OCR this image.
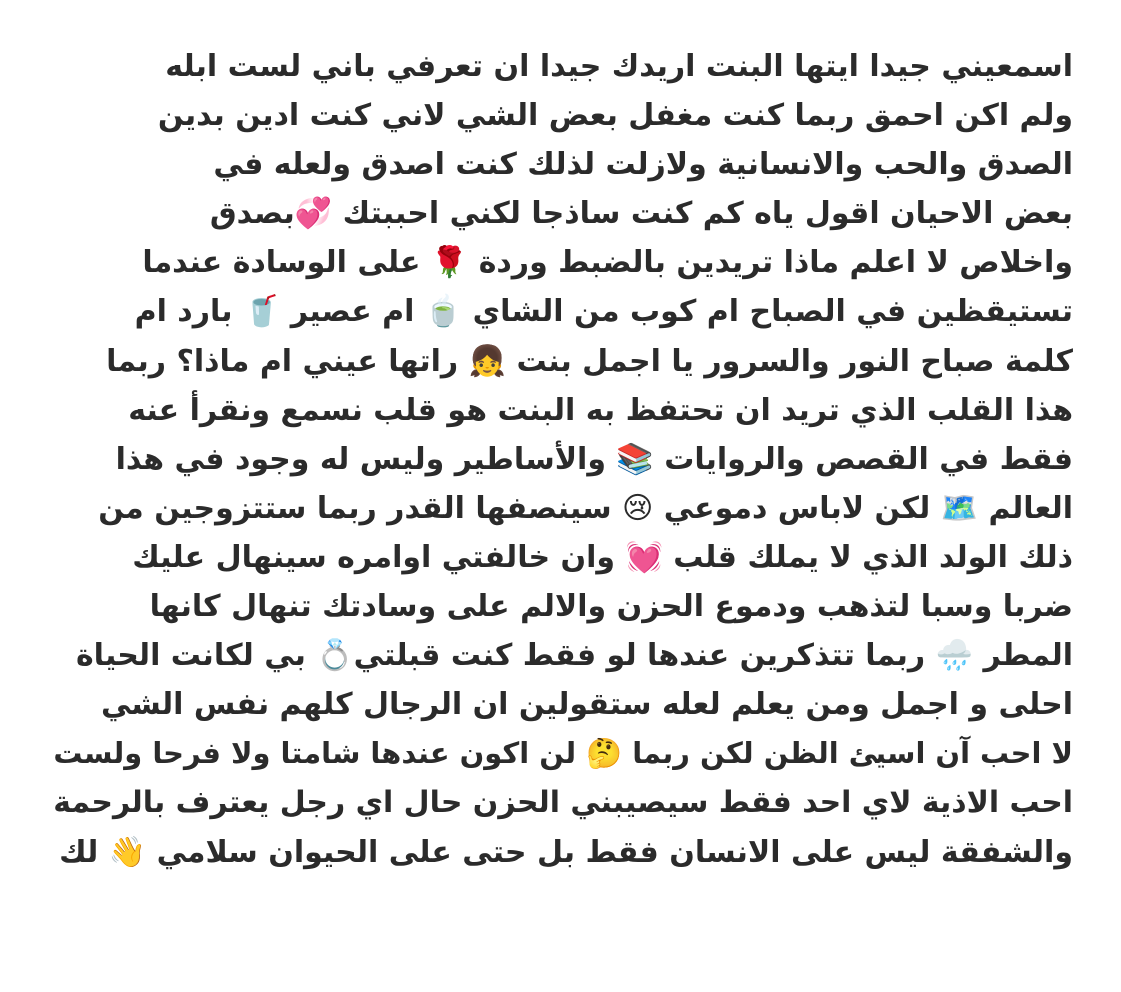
اسمعيني جيدا ايتها البنت اريدك جيدا ان تعرفي باني لست ابله
ولم اكن احمق ربما كنت مغفل بعض الشي لاني كنت ادين بدين
الصدق والحب والانسانية ولازلت لذلك كنت اصدق ولعله في
بعض الاحيان اقول ياه كم كنت ساذجا لكني احببتك 💞بصدق
واخلاص لا اعلم ماذا تريدين بالضبط وردة 🌹 على الوسادة عندما
تستيقظين في الصباح ام كوب من الشاي 🍵 ام عصير 🥤 بارد ام
كلمة صباح النور والسرور يا اجمل بنت 👧 راتها عيني ام ماذا؟ ربما
هذا القلب الذي تريد ان تحتفظ به البنت هو قلب نسمع ونقرأ عنه
فقط في القصص والروايات 📚 والأساطير وليس له وجود في هذا
العالم 🗺️ لكن لاباس دموعي 😢 سينصفها القدر ربما ستتزوجين من
ذلك الولد الذي لا يملك قلب 💓 وان خالفتي اوامره سينهال عليك
ضربا وسبا لتذهب ودموع الحزن والالم على وسادتك تنهال كانها
المطر 🌧️ ربما تتذكرين عندها لو فقط كنت قبلتي💍 بي لكانت الحياة
احلى و اجمل ومن يعلم لعله ستقولين ان الرجال كلهم نفس الشي
لا احب آن اسيئ الظن لكن ربما 🤔 لن اكون عندها شامتا ولا فرحا ولست
احب الاذية لاي احد فقط سيصيبني الحزن حال اي رجل يعترف بالرحمة
والشفقة ليس على الانسان فقط بل حتى على الحيوان سلامي 👋 لك
